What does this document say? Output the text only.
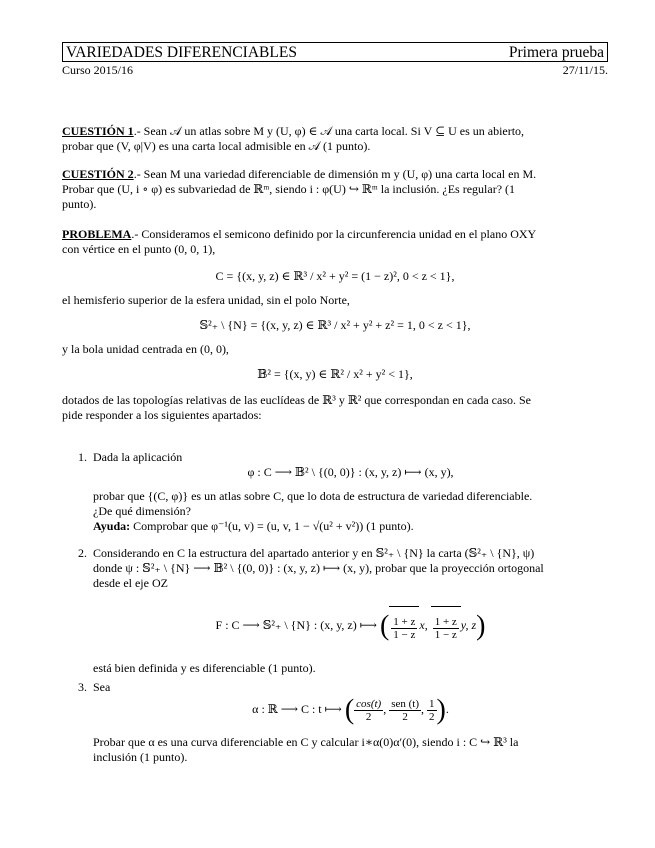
VARIEDADES DIFERENCIABLES	Primera prueba
Curso 2015/16	27/11/15.

CUESTIÓN 1.- Sean 𝒜 un atlas sobre M y (U, φ) ∈ 𝒜 una carta local. Si V ⊆ U es un abierto,

probar que (V, φ|V) es una carta local admisible en 𝒜 (1 punto).

CUESTIÓN 2.- Sean M una variedad diferenciable de dimensión m y (U, φ) una carta local en M.

Probar que (U, i ∘ φ) es subvariedad de ℝᵐ, siendo i : φ(U) ↪ ℝᵐ la inclusión. ¿Es regular? (1

punto).

PROBLEMA.- Consideramos el semicono definido por la circunferencia unidad en el plano OXY

con vértice en el punto (0, 0, 1),

C = {(x, y, z) ∈ ℝ³ / x² + y² = (1 − z)², 0 < z < 1},

el hemisferio superior de la esfera unidad, sin el polo Norte,

𝕊²₊ \ {N} = {(x, y, z) ∈ ℝ³ / x² + y² + z² = 1, 0 < z < 1},

y la bola unidad centrada en (0, 0),

𝔹² = {(x, y) ∈ ℝ² / x² + y² < 1},

dotados de las topologías relativas de las euclídeas de ℝ³ y ℝ² que correspondan en cada caso. Se

pide responder a los siguientes apartados:

1. Dada la aplicación

φ : C ⟶ 𝔹² \ {(0, 0)} : (x, y, z) ⟼ (x, y),

probar que {(C, φ)} es un atlas sobre C, que lo dota de estructura de variedad diferenciable.

¿De qué dimensión?

Ayuda: Comprobar que φ⁻¹(u, v) = (u, v, 1 − √(u² + v²)) (1 punto).

2. Considerando en C la estructura del apartado anterior y en 𝕊²₊ \ {N} la carta (𝕊²₊ \ {N}, ψ)

donde ψ : 𝕊²₊ \ {N} ⟶ 𝔹² \ {(0, 0)} : (x, y, z) ⟼ (x, y), probar que la proyección ortogonal

desde el eje OZ

F : C ⟶ 𝕊²₊ \ {N} : (x, y, z) ⟼ ( $\frac{1 + z}{1 - z} x$, $\frac{1 + z}{1 - z} y$, z)

está bien definida y es diferenciable (1 punto).

3. Sea

α : ℝ ⟶ C : t ⟼ ( $\frac{\cos(t)}{2}$ , $\frac{\text{sen (t)}}{2}$ , $\frac{1}{2}$ ).

Probar que α es una curva diferenciable en C y calcular i∗α(0)α′(0), siendo i : C ↪ ℝ³ la

inclusión (1 punto).
